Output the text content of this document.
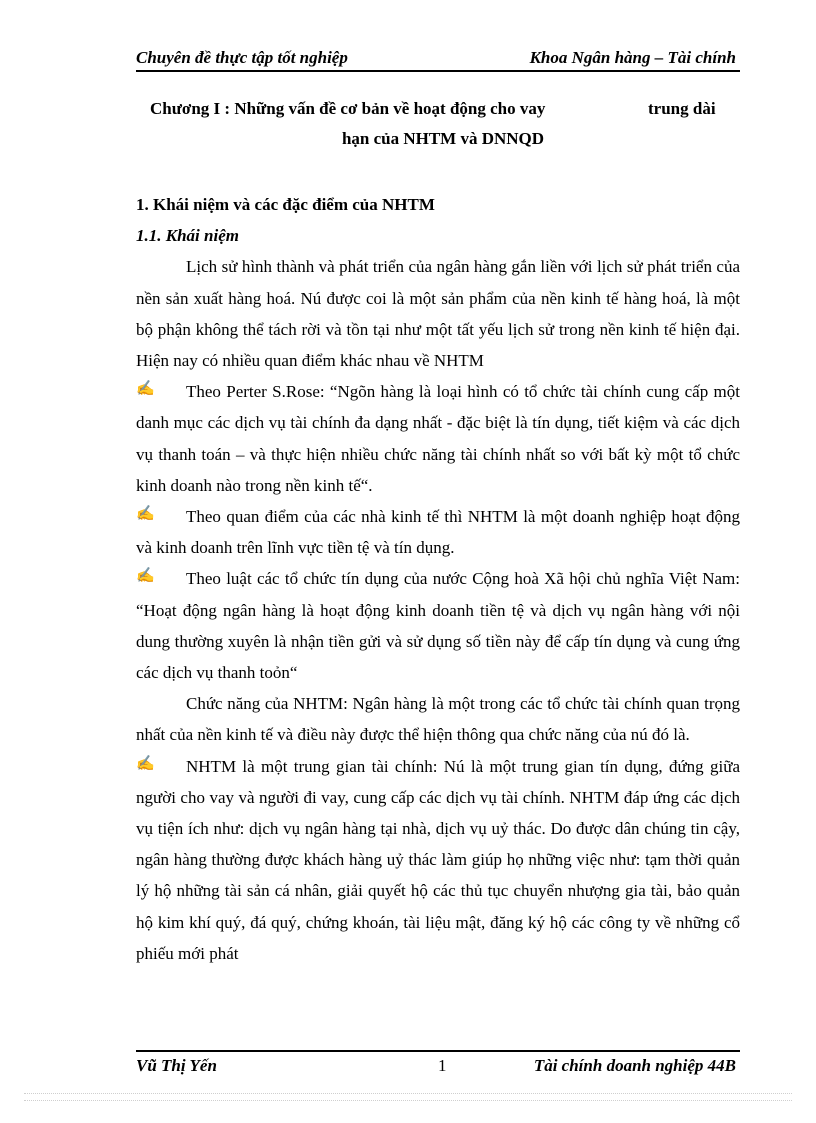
Chuyên đề thực tập tốt nghiệp	Khoa Ngân hàng – Tài chính
Chương I : Những vấn đề cơ bản về hoạt động cho vay	trung dài
hạn của NHTM và DNNQD
1. Khái niệm và các đặc điểm của NHTM
1.1. Khái niệm

Lịch sử hình thành và phát triển của ngân hàng gắn liền với lịch sử phát triển của nền sản xuất hàng hoá. Nú được coi là một sản phẩm của nền kinh tế hàng hoá, là một bộ phận không thể tách rời và tồn tại như một tất yếu lịch sử trong nền kinh tế hiện đại. Hiện nay có nhiều quan điểm khác nhau về NHTM

✍ Theo Perter S.Rose: “Ngõn hàng là loại hình có tổ chức tài chính cung cấp một danh mục các dịch vụ tài chính đa dạng nhất - đặc biệt là tín dụng, tiết kiệm và các dịch vụ thanh toán – và thực hiện nhiều chức năng tài chính nhất so với bất kỳ một tổ chức kinh doanh nào trong nền kinh tế“.

✍ Theo quan điểm của các nhà kinh tế thì NHTM là một doanh nghiệp hoạt động và kinh doanh trên lĩnh vực tiền tệ và tín dụng.

✍ Theo luật các tổ chức tín dụng của nước Cộng hoà Xã hội chủ nghĩa Việt Nam: “Hoạt động ngân hàng là hoạt động kinh doanh tiền tệ và dịch vụ ngân hàng với nội dung thường xuyên là nhận tiền gửi và sử dụng số tiền này để cấp tín dụng và cung ứng các dịch vụ thanh toỏn“

Chức năng của NHTM: Ngân hàng là một trong các tổ chức tài chính quan trọng nhất của nền kinh tế và điều này được thể hiện thông qua chức năng của nú đó là.

✍ NHTM là một trung gian tài chính: Nú là một trung gian tín dụng, đứng giữa người cho vay và người đi vay, cung cấp các dịch vụ tài chính. NHTM đáp ứng các dịch vụ tiện ích như: dịch vụ ngân hàng tại nhà, dịch vụ uỷ thác. Do được dân chúng tin cậy, ngân hàng thường được khách hàng uỷ thác làm giúp họ những việc như: tạm thời quản lý hộ những tài sản cá nhân, giải quyết hộ các thủ tục chuyển nhượng gia tài, bảo quản hộ kim khí quý, đá quý, chứng khoán, tài liệu mật, đăng ký hộ các công ty về những cổ phiếu mới phát

Vũ Thị Yến	1	Tài chính doanh nghiệp 44B
